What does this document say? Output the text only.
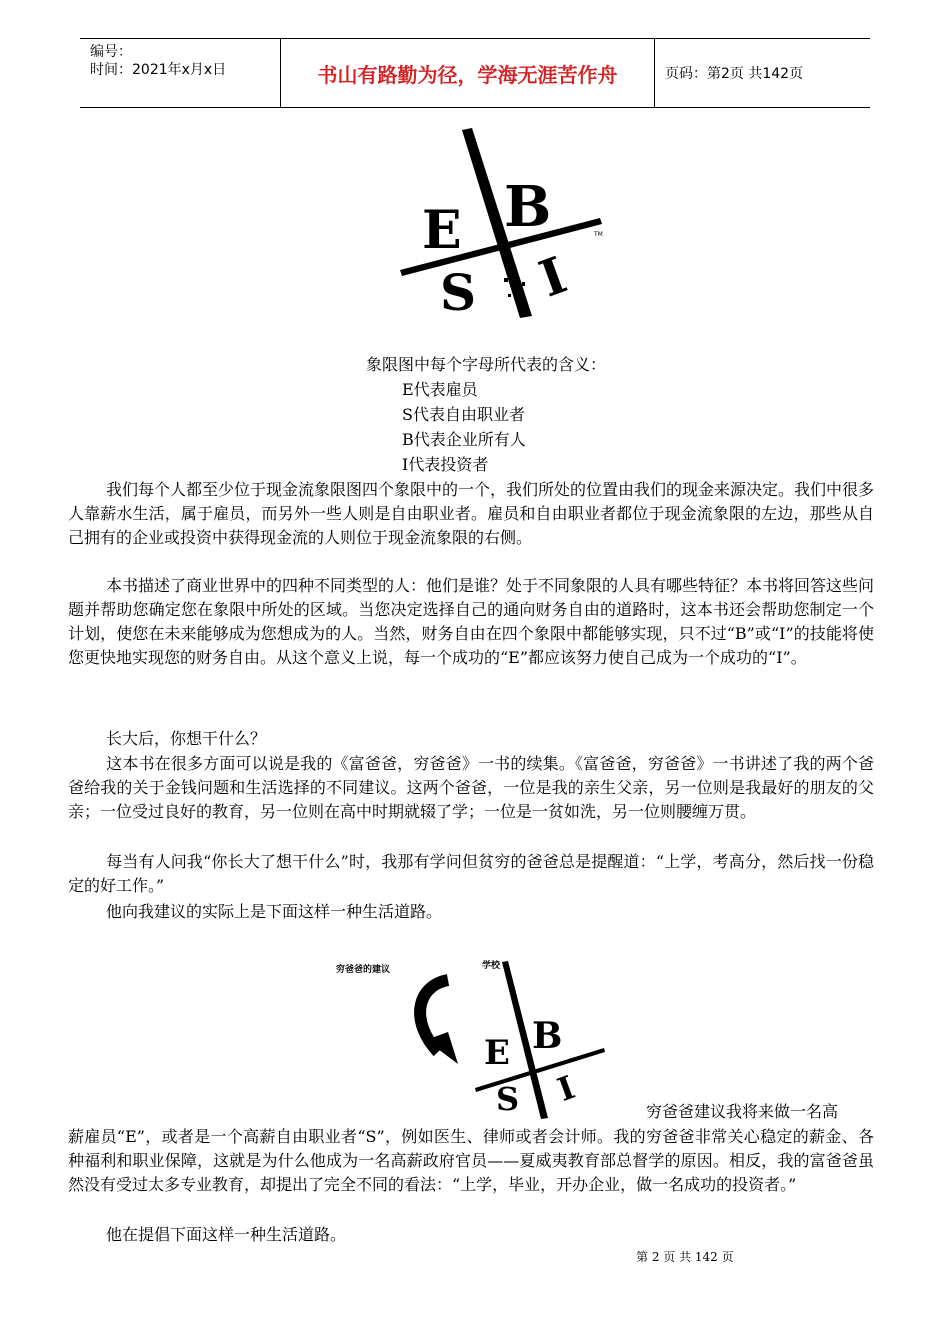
编号：
时间：2021年x月x日	书山有路勤为径，学海无涯苦作舟	页码：第2页 共142页
E B
S I
TM
象限图中每个字母所代表的含义：
E代表雇员
S代表自由职业者
B代表企业所有人
I代表投资者
我们每个人都至少位于现金流象限图四个象限中的一个，我们所处的位置由我们的现金来源决定。我们中很多人靠薪水生活，属于雇员，而另外一些人则是自由职业者。雇员和自由职业者都位于现金流象限的左边，那些从自己拥有的企业或投资中获得现金流的人则位于现金流象限的右侧。
本书描述了商业世界中的四种不同类型的人：他们是谁？处于不同象限的人具有哪些特征？本书将回答这些问题并帮助您确定您在象限中所处的区域。当您决定选择自己的通向财务自由的道路时，这本书还会帮助您制定一个计划，使您在未来能够成为您想成为的人。当然，财务自由在四个象限中都能够实现，只不过“B”或“I”的技能将使您更快地实现您的财务自由。从这个意义上说，每一个成功的“E”都应该努力使自己成为一个成功的“I”。
长大后，你想干什么？
这本书在很多方面可以说是我的《富爸爸，穷爸爸》一书的续集。《富爸爸，穷爸爸》一书讲述了我的两个爸爸给我的关于金钱问题和生活选择的不同建议。这两个爸爸，一位是我的亲生父亲，另一位则是我最好的朋友的父亲；一位受过良好的教育，另一位则在高中时期就辍了学；一位是一贫如洗，另一位则腰缠万贯。
每当有人问我“你长大了想干什么”时，我那有学问但贫穷的爸爸总是提醒道：“上学，考高分，然后找一份稳定的好工作。”
他向我建议的实际上是下面这样一种生活道路。
穷爸爸的建议	学校
E B
S I
穷爸爸建议我将来做一名高
薪雇员“E”，或者是一个高薪自由职业者“S”，例如医生、律师或者会计师。我的穷爸爸非常关心稳定的薪金、各种福利和职业保障，这就是为什么他成为一名高薪政府官员——夏威夷教育部总督学的原因。相反，我的富爸爸虽然没有受过太多专业教育，却提出了完全不同的看法：“上学，毕业，开办企业，做一名成功的投资者。”
他在提倡下面这样一种生活道路。
第 2 页 共 142 页
